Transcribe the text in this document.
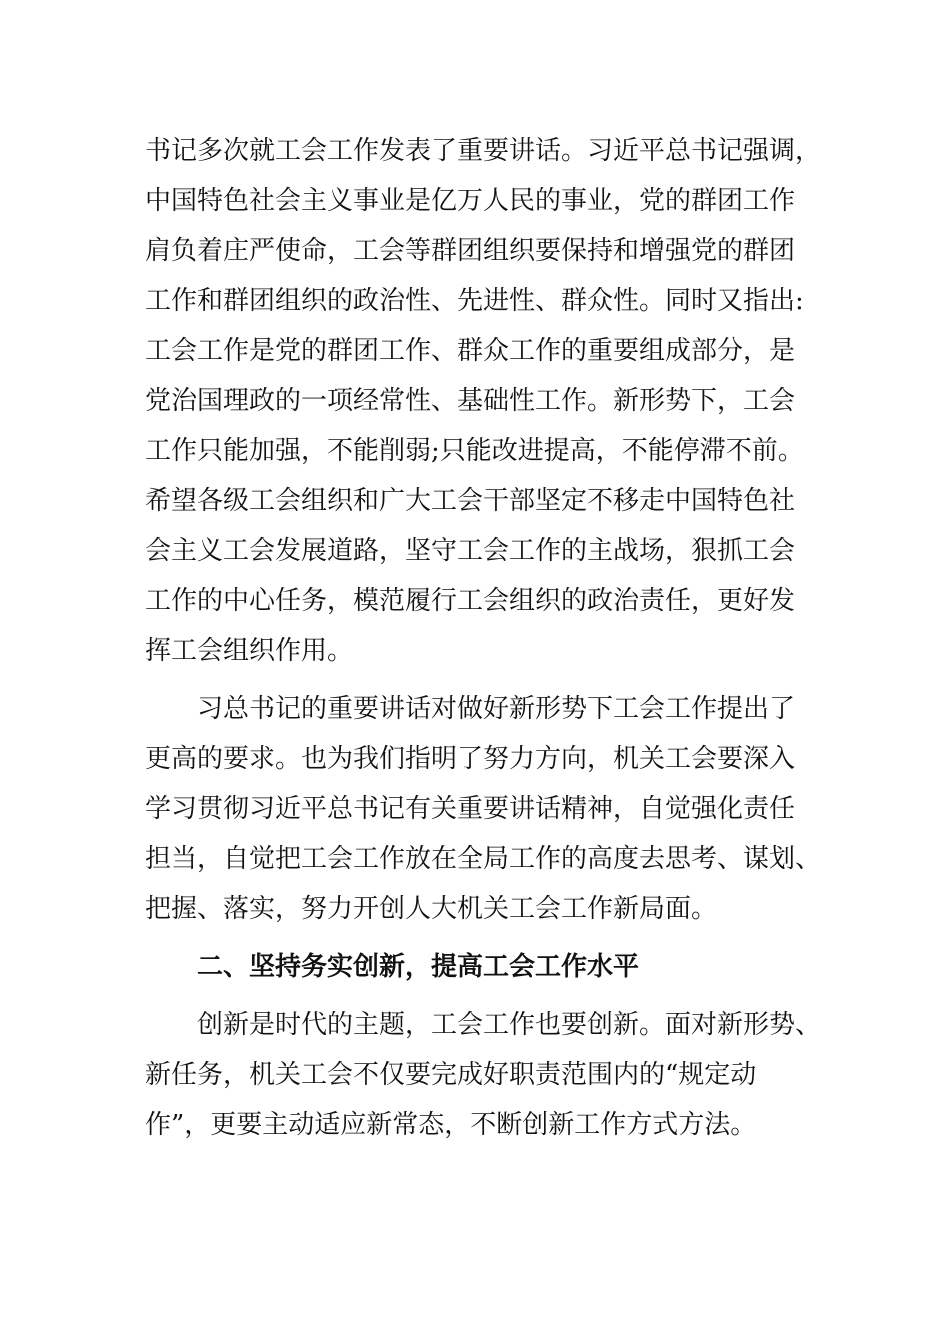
书记多次就工会工作发表了重要讲话。习近平总书记强调，
中国特色社会主义事业是亿万人民的事业，党的群团工作
肩负着庄严使命，工会等群团组织要保持和增强党的群团
工作和群团组织的政治性、先进性、群众性。同时又指出:
工会工作是党的群团工作、群众工作的重要组成部分，是
党治国理政的一项经常性、基础性工作。新形势下，工会
工作只能加强，不能削弱;只能改进提高，不能停滞不前。
希望各级工会组织和广大工会干部坚定不移走中国特色社
会主义工会发展道路，坚守工会工作的主战场，狠抓工会
工作的中心任务，模范履行工会组织的政治责任，更好发
挥工会组织作用。
习总书记的重要讲话对做好新形势下工会工作提出了
更高的要求。也为我们指明了努力方向，机关工会要深入
学习贯彻习近平总书记有关重要讲话精神，自觉强化责任
担当，自觉把工会工作放在全局工作的高度去思考、谋划、
把握、落实，努力开创人大机关工会工作新局面。
二、坚持务实创新，提高工会工作水平
创新是时代的主题，工会工作也要创新。面对新形势、
新任务，机关工会不仅要完成好职责范围内的“规定动
作”，更要主动适应新常态，不断创新工作方式方法。
